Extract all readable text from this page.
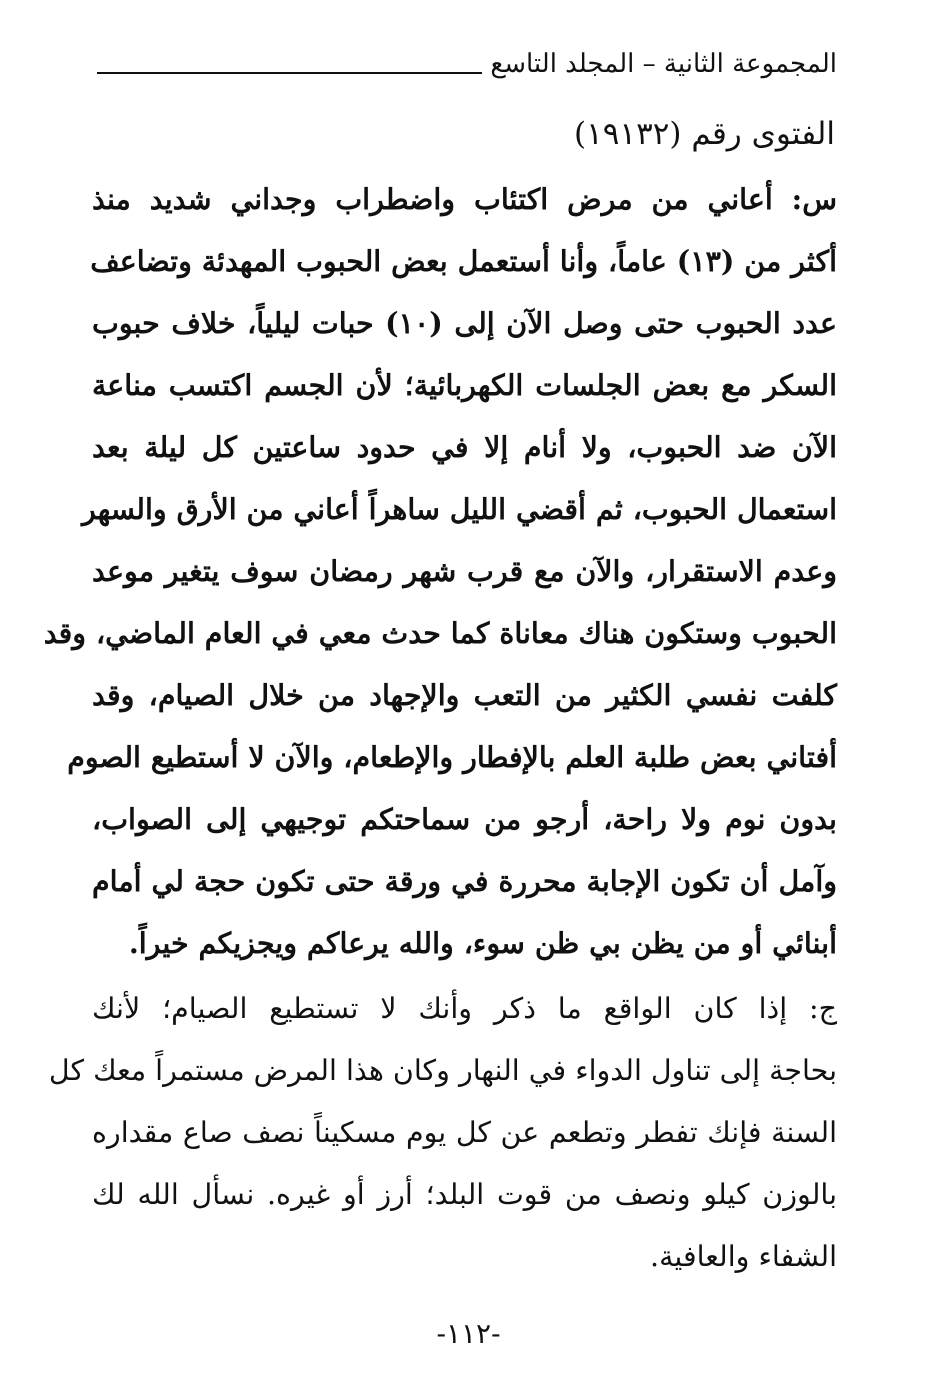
المجموعة الثانية – المجلد التاسع
الفتوى رقم (١٩١٣٢)
س: أعاني من مرض اكتئاب واضطراب وجداني شديد منذ
أكثر من (١٣) عاماً، وأنا أستعمل بعض الحبوب المهدئة وتضاعف
عدد الحبوب حتى وصل الآن إلى (١٠) حبات ليلياً، خلاف حبوب
السكر مع بعض الجلسات الكهربائية؛ لأن الجسم اكتسب مناعة
الآن ضد الحبوب، ولا أنام إلا في حدود ساعتين كل ليلة بعد
استعمال الحبوب، ثم أقضي الليل ساهراً أعاني من الأرق والسهر
وعدم الاستقرار، والآن مع قرب شهر رمضان سوف يتغير موعد
الحبوب وستكون هناك معاناة كما حدث معي في العام الماضي، وقد
كلفت نفسي الكثير من التعب والإجهاد من خلال الصيام، وقد
أفتاني بعض طلبة العلم بالإفطار والإطعام، والآن لا أستطيع الصوم
بدون نوم ولا راحة، أرجو من سماحتكم توجيهي إلى الصواب،
وآمل أن تكون الإجابة محررة في ورقة حتى تكون حجة لي أمام
أبنائي أو من يظن بي ظن سوء، والله يرعاكم ويجزيكم خيراً.
ج: إذا كان الواقع ما ذكر وأنك لا تستطيع الصيام؛ لأنك
بحاجة إلى تناول الدواء في النهار وكان هذا المرض مستمراً معك كل
السنة فإنك تفطر وتطعم عن كل يوم مسكيناً نصف صاع مقداره
بالوزن كيلو ونصف من قوت البلد؛ أرز أو غيره. نسأل الله لك
الشفاء والعافية.
-١١٢-
